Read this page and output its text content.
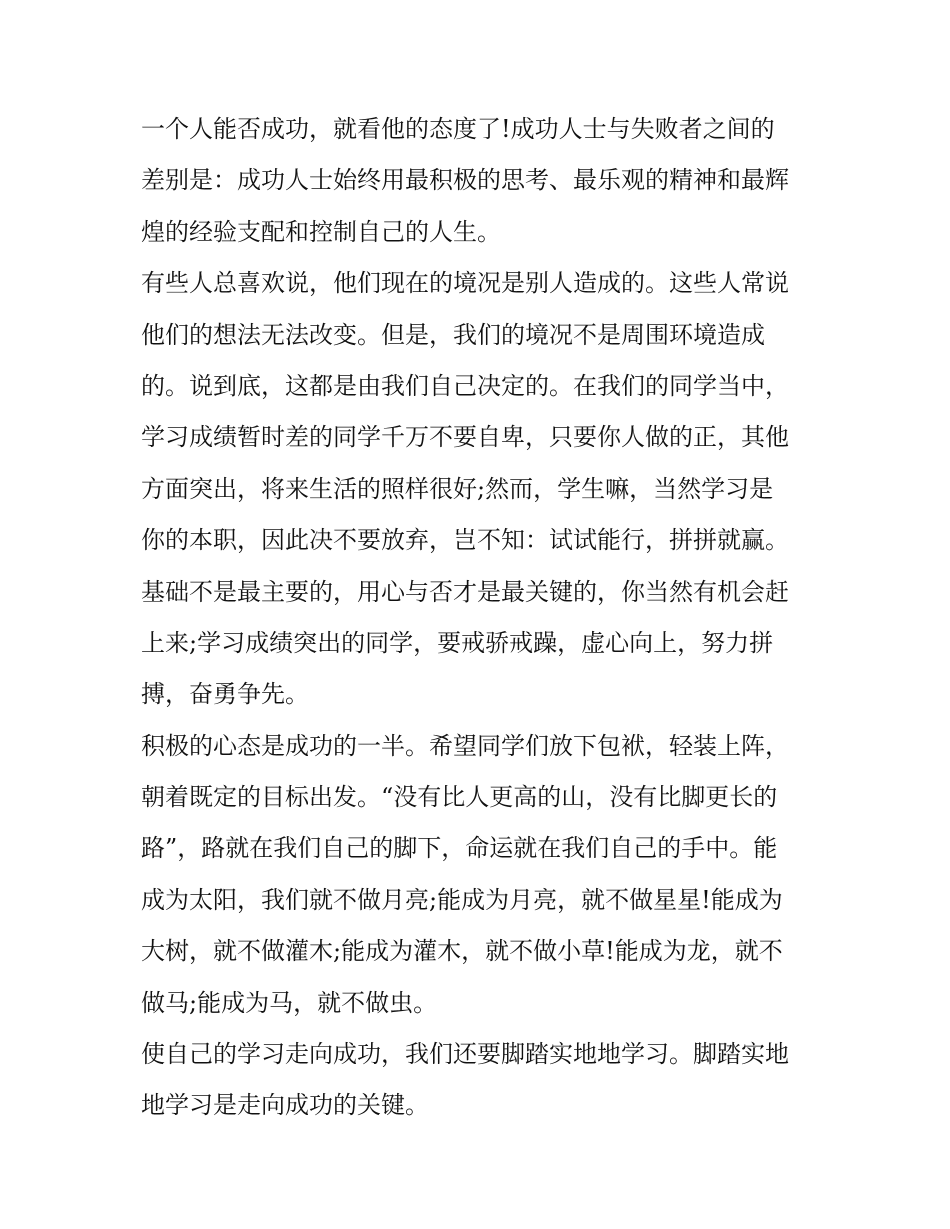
一个人能否成功，就看他的态度了!成功人士与失败者之间的
差别是：成功人士始终用最积极的思考、最乐观的精神和最辉
煌的经验支配和控制自己的人生。
有些人总喜欢说，他们现在的境况是别人造成的。这些人常说
他们的想法无法改变。但是，我们的境况不是周围环境造成
的。说到底，这都是由我们自己决定的。在我们的同学当中，
学习成绩暂时差的同学千万不要自卑，只要你人做的正，其他
方面突出，将来生活的照样很好;然而，学生嘛，当然学习是
你的本职，因此决不要放弃，岂不知：试试能行，拼拼就赢。
基础不是最主要的，用心与否才是最关键的，你当然有机会赶
上来;学习成绩突出的同学，要戒骄戒躁，虚心向上，努力拼
搏，奋勇争先。
积极的心态是成功的一半。希望同学们放下包袱，轻装上阵，
朝着既定的目标出发。“没有比人更高的山，没有比脚更长的
路”，路就在我们自己的脚下，命运就在我们自己的手中。能
成为太阳，我们就不做月亮;能成为月亮，就不做星星!能成为
大树，就不做灌木;能成为灌木，就不做小草!能成为龙，就不
做马;能成为马，就不做虫。
使自己的学习走向成功，我们还要脚踏实地地学习。脚踏实地
地学习是走向成功的关键。
